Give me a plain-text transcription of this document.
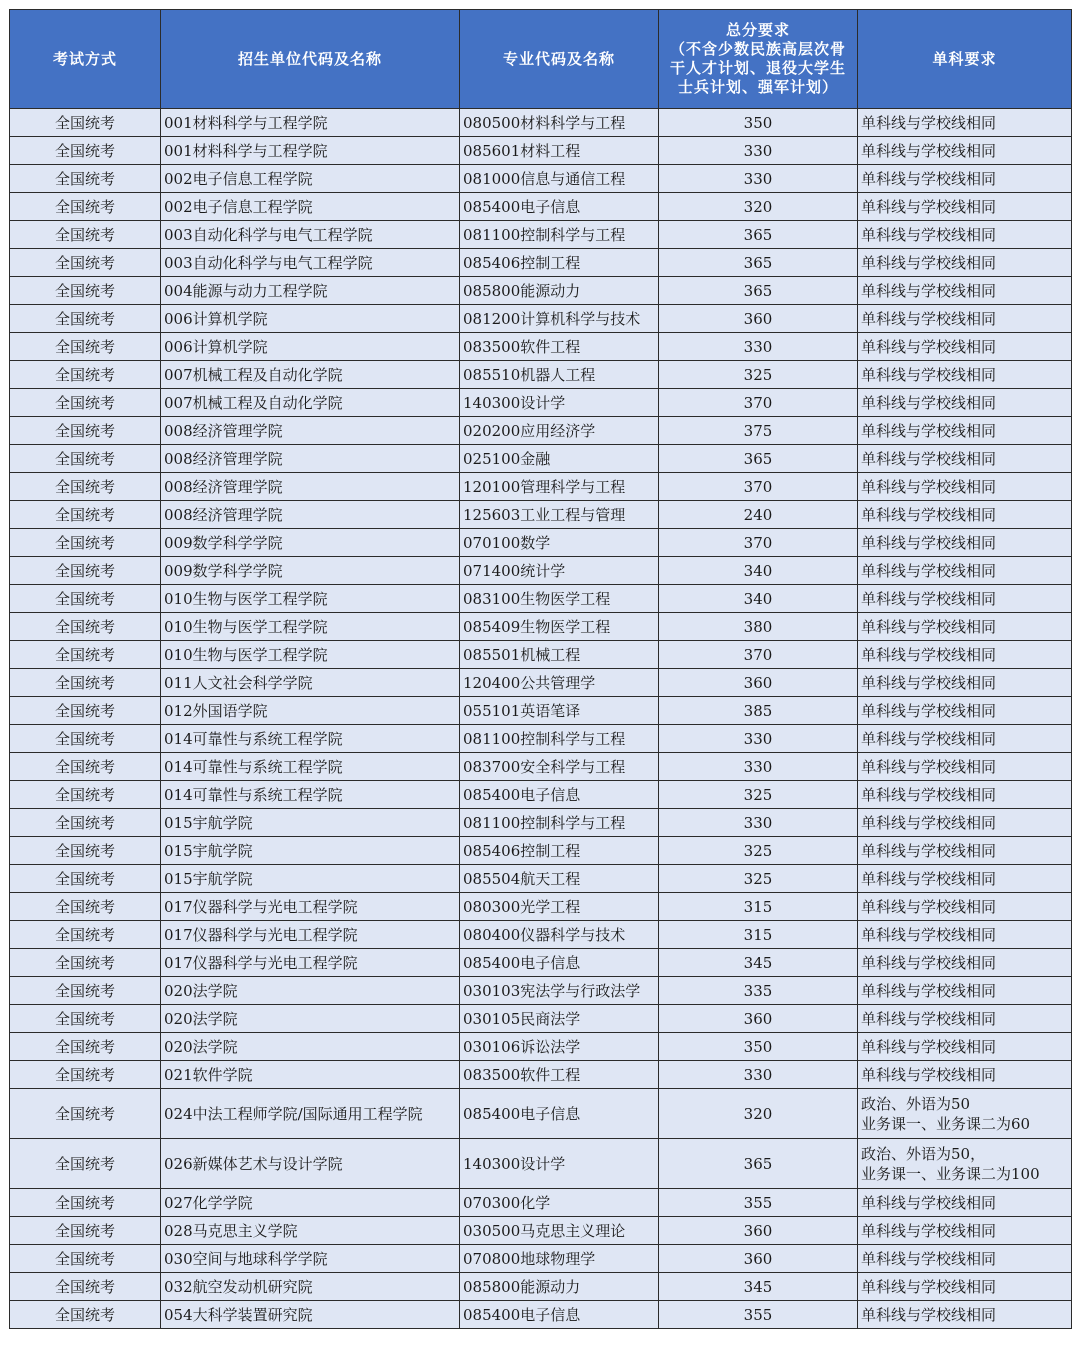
考试方式	招生单位代码及名称	专业代码及名称	总分要求
（不含少数民族高层次骨干人才计划、退役大学生士兵计划、强军计划）	单科要求
全国统考	001材料科学与工程学院	080500材料科学与工程	350	单科线与学校线相同

全国统考	001材料科学与工程学院	085601材料工程	330	单科线与学校线相同

全国统考	002电子信息工程学院	081000信息与通信工程	330	单科线与学校线相同

全国统考	002电子信息工程学院	085400电子信息	320	单科线与学校线相同

全国统考	003自动化科学与电气工程学院	081100控制科学与工程	365	单科线与学校线相同

全国统考	003自动化科学与电气工程学院	085406控制工程	365	单科线与学校线相同

全国统考	004能源与动力工程学院	085800能源动力	365	单科线与学校线相同

全国统考	006计算机学院	081200计算机科学与技术	360	单科线与学校线相同

全国统考	006计算机学院	083500软件工程	330	单科线与学校线相同

全国统考	007机械工程及自动化学院	085510机器人工程	325	单科线与学校线相同

全国统考	007机械工程及自动化学院	140300设计学	370	单科线与学校线相同

全国统考	008经济管理学院	020200应用经济学	375	单科线与学校线相同

全国统考	008经济管理学院	025100金融	365	单科线与学校线相同

全国统考	008经济管理学院	120100管理科学与工程	370	单科线与学校线相同

全国统考	008经济管理学院	125603工业工程与管理	240	单科线与学校线相同

全国统考	009数学科学学院	070100数学	370	单科线与学校线相同

全国统考	009数学科学学院	071400统计学	340	单科线与学校线相同

全国统考	010生物与医学工程学院	083100生物医学工程	340	单科线与学校线相同

全国统考	010生物与医学工程学院	085409生物医学工程	380	单科线与学校线相同

全国统考	010生物与医学工程学院	085501机械工程	370	单科线与学校线相同

全国统考	011人文社会科学学院	120400公共管理学	360	单科线与学校线相同

全国统考	012外国语学院	055101英语笔译	385	单科线与学校线相同

全国统考	014可靠性与系统工程学院	081100控制科学与工程	330	单科线与学校线相同

全国统考	014可靠性与系统工程学院	083700安全科学与工程	330	单科线与学校线相同

全国统考	014可靠性与系统工程学院	085400电子信息	325	单科线与学校线相同

全国统考	015宇航学院	081100控制科学与工程	330	单科线与学校线相同

全国统考	015宇航学院	085406控制工程	325	单科线与学校线相同

全国统考	015宇航学院	085504航天工程	325	单科线与学校线相同

全国统考	017仪器科学与光电工程学院	080300光学工程	315	单科线与学校线相同

全国统考	017仪器科学与光电工程学院	080400仪器科学与技术	315	单科线与学校线相同

全国统考	017仪器科学与光电工程学院	085400电子信息	345	单科线与学校线相同

全国统考	020法学院	030103宪法学与行政法学	335	单科线与学校线相同

全国统考	020法学院	030105民商法学	360	单科线与学校线相同

全国统考	020法学院	030106诉讼法学	350	单科线与学校线相同

全国统考	021软件学院	083500软件工程	330	单科线与学校线相同

全国统考	024中法工程师学院/国际通用工程学院	085400电子信息	320	政治、外语为50
业务课一、业务课二为60

全国统考	026新媒体艺术与设计学院	140300设计学	365	政治、外语为50，
业务课一、业务课二为100

全国统考	027化学学院	070300化学	355	单科线与学校线相同

全国统考	028马克思主义学院	030500马克思主义理论	360	单科线与学校线相同

全国统考	030空间与地球科学学院	070800地球物理学	360	单科线与学校线相同

全国统考	032航空发动机研究院	085800能源动力	345	单科线与学校线相同

全国统考	054大科学装置研究院	085400电子信息	355	单科线与学校线相同
